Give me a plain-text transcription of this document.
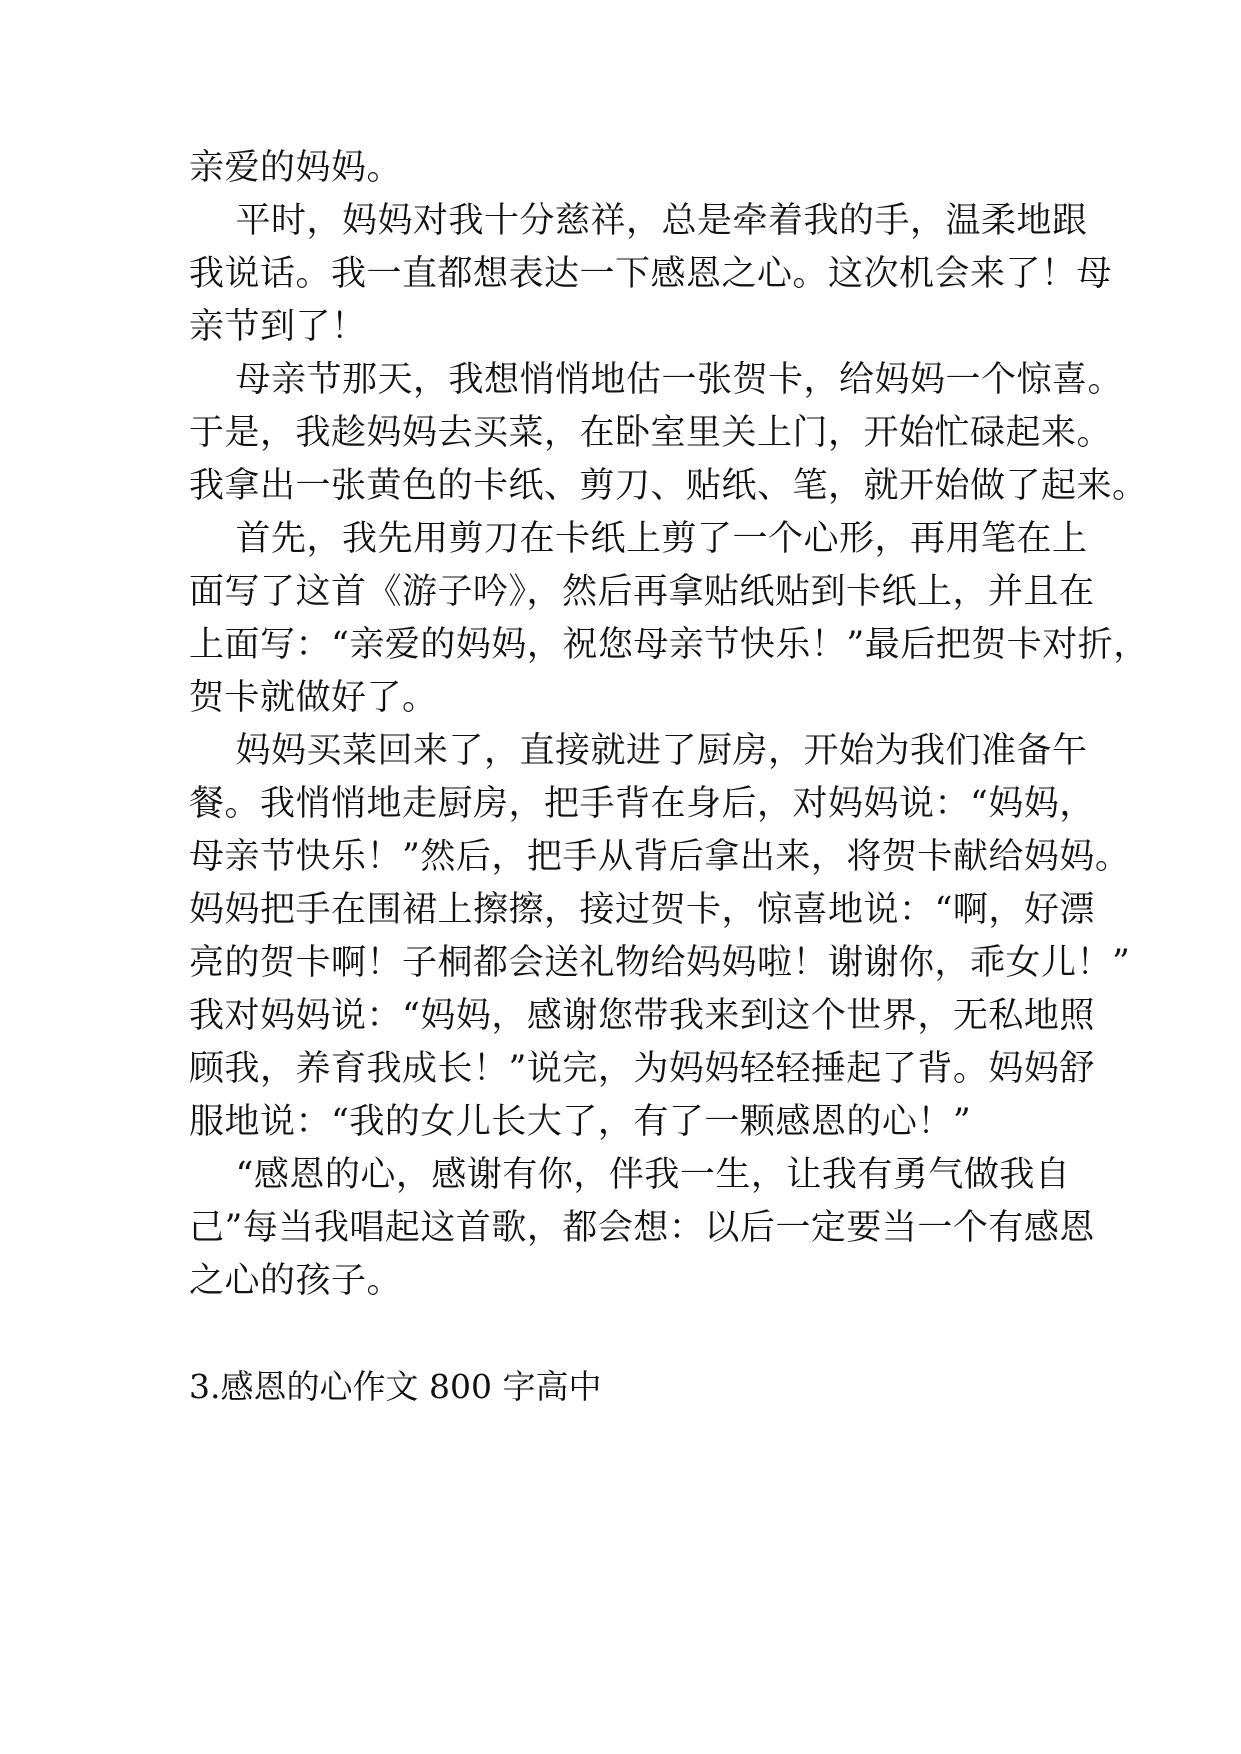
亲爱的妈妈。
平时，妈妈对我十分慈祥，总是牵着我的手，温柔地跟
我说话。我一直都想表达一下感恩之心。这次机会来了！母
亲节到了！
母亲节那天，我想悄悄地估一张贺卡，给妈妈一个惊喜。
于是，我趁妈妈去买菜，在卧室里关上门，开始忙碌起来。
我拿出一张黄色的卡纸、剪刀、贴纸、笔，就开始做了起来。
首先，我先用剪刀在卡纸上剪了一个心形，再用笔在上
面写了这首《游子吟》，然后再拿贴纸贴到卡纸上，并且在
上面写：“亲爱的妈妈，祝您母亲节快乐！”最后把贺卡对折，
贺卡就做好了。
妈妈买菜回来了，直接就进了厨房，开始为我们准备午
餐。我悄悄地走厨房，把手背在身后，对妈妈说：“妈妈，
母亲节快乐！”然后，把手从背后拿出来，将贺卡献给妈妈。
妈妈把手在围裙上擦擦，接过贺卡，惊喜地说：“啊，好漂
亮的贺卡啊！子桐都会送礼物给妈妈啦！谢谢你，乖女儿！”
我对妈妈说：“妈妈，感谢您带我来到这个世界，无私地照
顾我，养育我成长！”说完，为妈妈轻轻捶起了背。妈妈舒
服地说：“我的女儿长大了，有了一颗感恩的心！”
“感恩的心，感谢有你，伴我一生，让我有勇气做我自
己”每当我唱起这首歌，都会想：以后一定要当一个有感恩
之心的孩子。
3.感恩的心作文 800 字高中
